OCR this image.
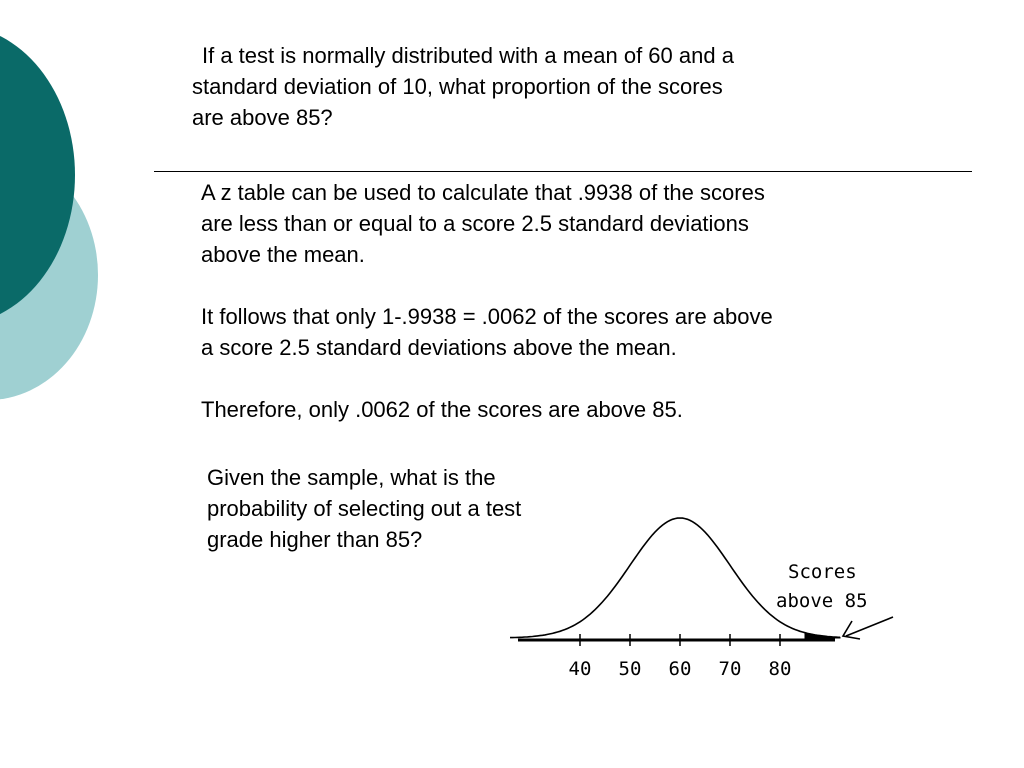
If a test is normally distributed with a mean of 60 and a
standard deviation of 10, what proportion of the scores
are above 85?

A z table can be used to calculate that .9938 of the scores
are less than or equal to a score 2.5 standard deviations
above the mean.

It follows that only 1-.9938 = .0062 of the scores are above
a score 2.5 standard deviations above the mean.

Therefore, only .0062 of the scores are above 85.

Given the sample, what is the
probability of selecting out a test
grade higher than 85?
40 50 60 70 80
Scores
above 85
